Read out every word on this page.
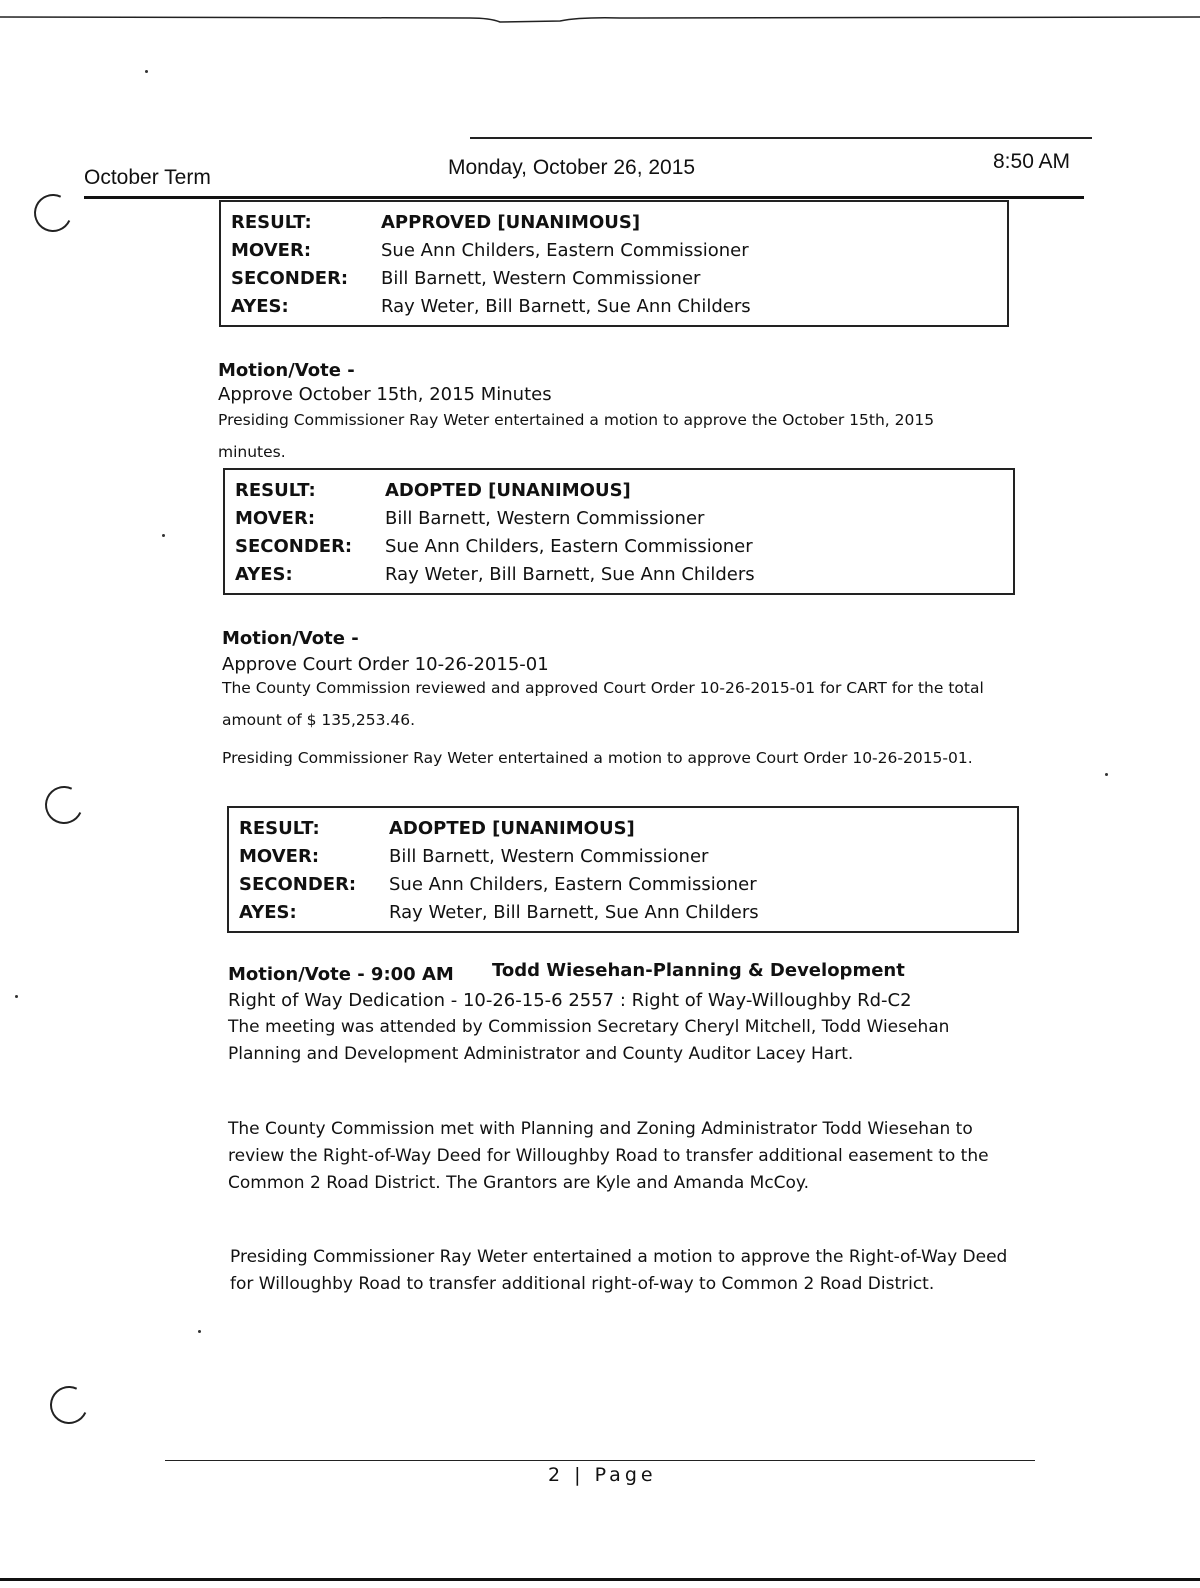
October Term	Monday, October 26, 2015	8:50 AM
RESULT:	APPROVED [UNANIMOUS]
MOVER:	Sue Ann Childers, Eastern Commissioner
SECONDER:	Bill Barnett, Western Commissioner
AYES:	Ray Weter, Bill Barnett, Sue Ann Childers
Motion/Vote -
Approve October 15th, 2015 Minutes
Presiding Commissioner Ray Weter entertained a motion to approve the October 15th, 2015 minutes.
RESULT:	ADOPTED [UNANIMOUS]
MOVER:	Bill Barnett, Western Commissioner
SECONDER:	Sue Ann Childers, Eastern Commissioner
AYES:	Ray Weter, Bill Barnett, Sue Ann Childers
Motion/Vote -
Approve Court Order 10-26-2015-01
The County Commission reviewed and approved Court Order 10-26-2015-01 for CART for the total amount of $ 135,253.46.
Presiding Commissioner Ray Weter entertained a motion to approve Court Order 10-26-2015-01.
RESULT:	ADOPTED [UNANIMOUS]
MOVER:	Bill Barnett, Western Commissioner
SECONDER:	Sue Ann Childers, Eastern Commissioner
AYES:	Ray Weter, Bill Barnett, Sue Ann Childers
Motion/Vote - 9:00 AM Todd Wiesehan-Planning & Development
Right of Way Dedication - 10-26-15-6 2557 : Right of Way-Willoughby Rd-C2
The meeting was attended by Commission Secretary Cheryl Mitchell, Todd Wiesehan Planning and Development Administrator and County Auditor Lacey Hart.
The County Commission met with Planning and Zoning Administrator Todd Wiesehan to review the Right-of-Way Deed for Willoughby Road to transfer additional easement to the Common 2 Road District. The Grantors are Kyle and Amanda McCoy.
Presiding Commissioner Ray Weter entertained a motion to approve the Right-of-Way Deed for Willoughby Road to transfer additional right-of-way to Common 2 Road District.
2 | Page
